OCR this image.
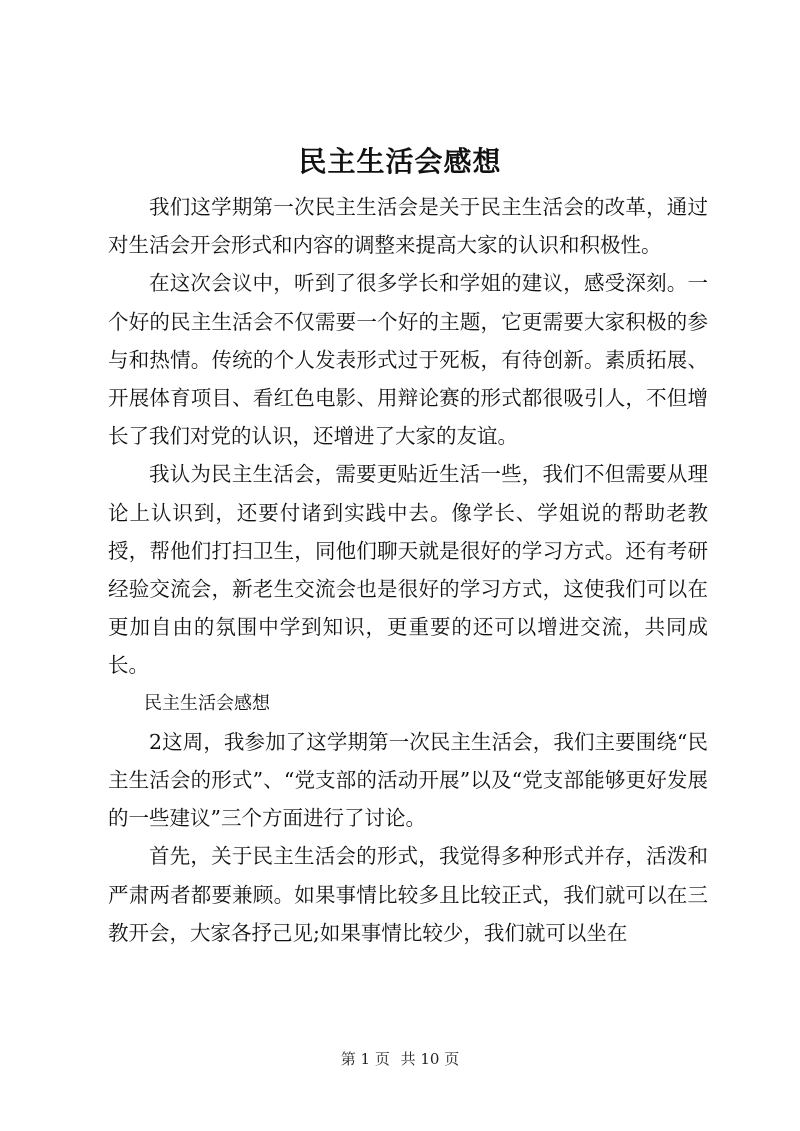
民主生活会感想

我们这学期第一次民主生活会是关于民主生活会的改革，通过对生活会开会形式和内容的调整来提高大家的认识和积极性。

在这次会议中，听到了很多学长和学姐的建议，感受深刻。一个好的民主生活会不仅需要一个好的主题，它更需要大家积极的参与和热情。传统的个人发表形式过于死板，有待创新。素质拓展、开展体育项目、看红色电影、用辩论赛的形式都很吸引人，不但增长了我们对党的认识，还增进了大家的友谊。

我认为民主生活会，需要更贴近生活一些，我们不但需要从理论上认识到，还要付诸到实践中去。像学长、学姐说的帮助老教授，帮他们打扫卫生，同他们聊天就是很好的学习方式。还有考研经验交流会，新老生交流会也是很好的学习方式，这使我们可以在更加自由的氛围中学到知识，更重要的还可以增进交流，共同成长。

民主生活会感想

2这周，我参加了这学期第一次民主生活会，我们主要围绕“民主生活会的形式”、“党支部的活动开展”以及“党支部能够更好发展的一些建议”三个方面进行了讨论。

首先，关于民主生活会的形式，我觉得多种形式并存，活泼和严肃两者都要兼顾。如果事情比较多且比较正式，我们就可以在三教开会，大家各抒己见;如果事情比较少，我们就可以坐在

第 1 页 共 10 页
